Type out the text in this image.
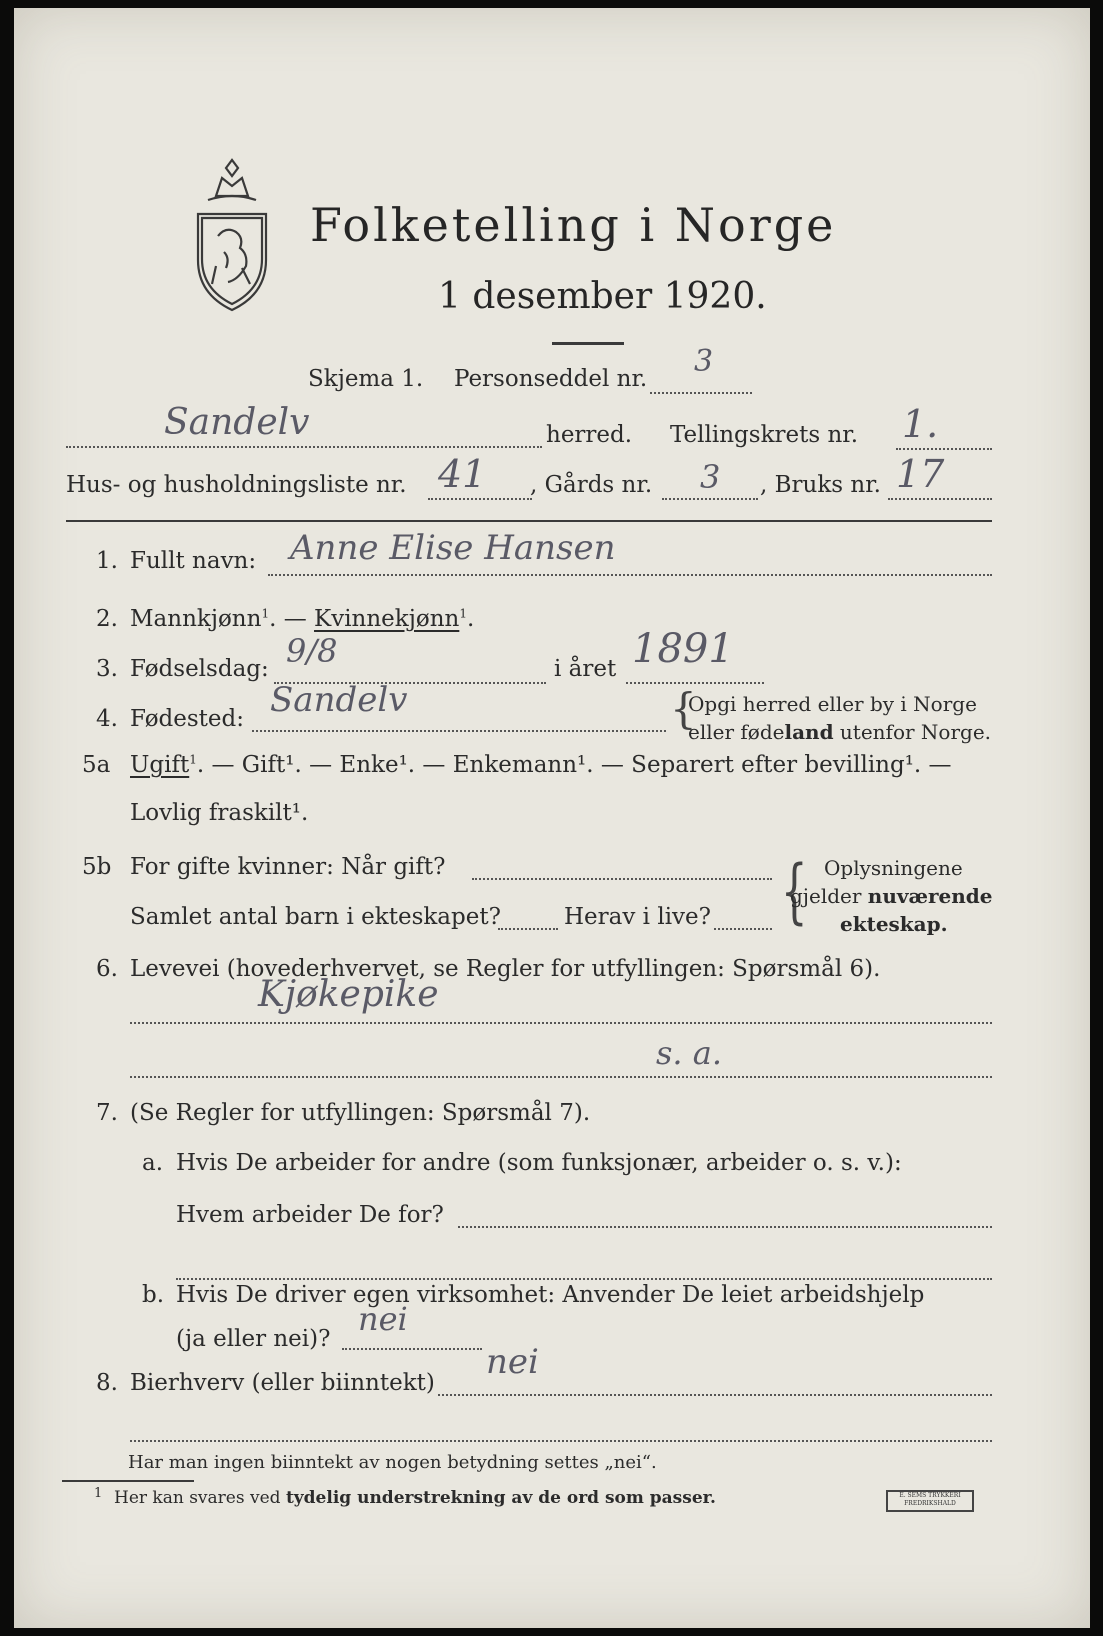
Folketelling i Norge
1 desember 1920.
Skjema 1. Personseddel nr. 3
Sandelv	herred. Tellingskrets nr. 1.
Hus- og husholdningsliste nr. 41 , Gårds nr. 3 , Bruks nr. 17
1. Fullt navn: Anne Elise Hansen
2. Mannkjønn$^1$. — Kvinnekjønn$^1$.
3. Fødselsdag: 9/8	i året 1891
4. Fødested: Sandelv	{
Opgi herred eller by i Norge
eller fødeland utenfor Norge.
5a Ugift$^1$. — Gift¹. — Enke¹. — Enkemann¹. — Separert efter bevilling¹. —
Lovlig fraskilt¹.
5b For gifte kvinner: Når gift?
Samlet antal barn i ekteskapet?	Herav i live? { Oplysningene
gjelder nuværende
ekteskap.
6. Levevei (hovederhvervet, se Regler for utfyllingen: Spørsmål 6).
Kjøkepike
s. a.
7. (Se Regler for utfyllingen: Spørsmål 7).
a. Hvis De arbeider for andre (som funksjonær, arbeider o. s. v.):
Hvem arbeider De for?
b. Hvis De driver egen virksomhet: Anvender De leiet arbeidshjelp
(ja eller nei)?
nei
8. Bierhverv (eller biinntekt)
nei
Har man ingen biinntekt av nogen betydning settes „nei“.
1 Her kan svares ved tydelig understrekning av de ord som passer.	E. SEMS TRYKKERI FREDRIKSHALD
